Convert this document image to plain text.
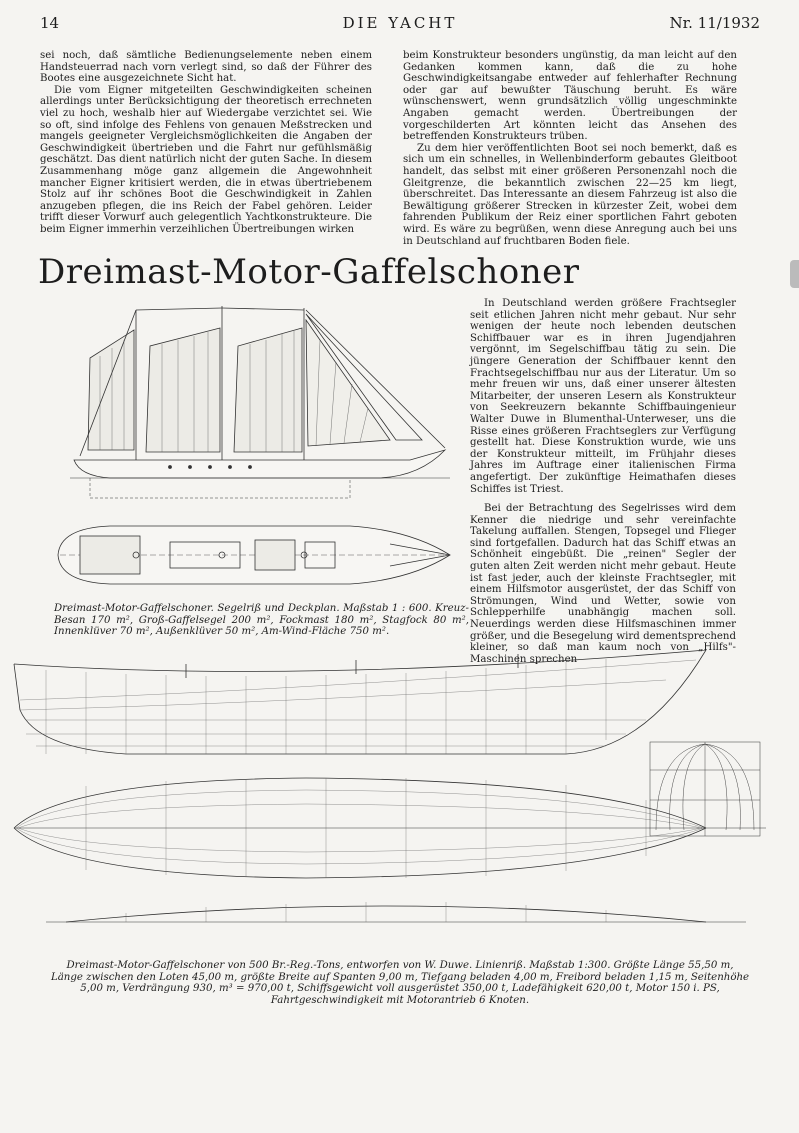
14	DIE YACHT	Nr. 11/1932

sei noch, daß sämtliche Bedienungselemente neben einem Handsteuerrad nach vorn verlegt sind, so daß der Führer des Bootes eine ausgezeichnete Sicht hat.

Die vom Eigner mitgeteilten Geschwindigkeiten scheinen allerdings unter Berücksichtigung der theoretisch errechneten viel zu hoch, weshalb hier auf Wiedergabe verzichtet sei. Wie so oft, sind infolge des Fehlens von genauen Meßstrecken und mangels geeigneter Vergleichsmöglichkeiten die Angaben der Geschwindigkeit übertrieben und die Fahrt nur gefühlsmäßig geschätzt. Das dient natürlich nicht der guten Sache. In diesem Zusammenhang möge ganz allgemein die Angewohnheit mancher Eigner kritisiert werden, die in etwas übertriebenem Stolz auf ihr schönes Boot die Geschwindigkeit in Zahlen anzugeben pflegen, die ins Reich der Fabel gehören. Leider trifft dieser Vorwurf auch gelegentlich Yachtkonstrukteure. Die beim Eigner immerhin verzeihlichen Übertreibungen wirken

beim Konstrukteur besonders ungünstig, da man leicht auf den Gedanken kommen kann, daß die zu hohe Geschwindigkeitsangabe entweder auf fehlerhafter Rechnung oder gar auf bewußter Täuschung beruht. Es wäre wünschenswert, wenn grundsätzlich völlig ungeschminkte Angaben gemacht werden. Übertreibungen der vorgeschilderten Art könnten leicht das Ansehen des betreffenden Konstrukteurs trüben.

Zu dem hier veröffentlichten Boot sei noch bemerkt, daß es sich um ein schnelles, in Wellenbinderform gebautes Gleitboot handelt, das selbst mit einer größeren Personenzahl noch die Gleitgrenze, die bekanntlich zwischen 22—25 km liegt, überschreitet. Das Interessante an diesem Fahrzeug ist also die Bewältigung größerer Strecken in kürzester Zeit, wobei dem fahrenden Publikum der Reiz einer sportlichen Fahrt geboten wird. Es wäre zu begrüßen, wenn diese Anregung auch bei uns in Deutschland auf fruchtbaren Boden fiele.

Dreimast-Motor-Gaffelschoner

In Deutschland werden größere Frachtsegler seit etlichen Jahren nicht mehr gebaut. Nur sehr wenigen der heute noch lebenden deutschen Schiffbauer war es in ihren Jugendjahren vergönnt, im Segelschiffbau tätig zu sein. Die jüngere Generation der Schiffbauer kennt den Frachtsegelschiffbau nur aus der Literatur. Um so mehr freuen wir uns, daß einer unserer ältesten Mitarbeiter, der unseren Lesern als Konstrukteur von Seekreuzern bekannte Schiffbauingenieur Walter Duwe in Blumenthal-Unterweser, uns die Risse eines größeren Frachtseglers zur Verfügung gestellt hat. Diese Konstruktion wurde, wie uns der Konstrukteur mitteilt, im Frühjahr dieses Jahres im Auftrage einer italienischen Firma angefertigt. Der zukünftige Heimathafen dieses Schiffes ist Triest.

Bei der Betrachtung des Segelrisses wird dem Kenner die niedrige und sehr vereinfachte Takelung auffallen. Stengen, Topsegel und Flieger sind fortgefallen. Dadurch hat das Schiff etwas an Schönheit eingebüßt. Die „reinen" Segler der guten alten Zeit werden nicht mehr gebaut. Heute ist fast jeder, auch der kleinste Frachtsegler, mit einem Hilfsmotor ausgerüstet, der das Schiff von Strömungen, Wind und Wetter, sowie von Schlepperhilfe unabhängig machen soll. Neuerdings werden diese Hilfsmaschinen immer größer, und die Besegelung wird dementsprechend kleiner, so daß man kaum noch von „Hilfs"-Maschinen sprechen

Dreimast-Motor-Gaffelschoner. Segelriß und Deckplan. Maßstab 1 : 600. Kreuz-Besan 170 m², Groß-Gaffelsegel 200 m², Fockmast 180 m², Stagfock 80 m², Innenklüver 70 m², Außenklüver 50 m², Am-Wind-Fläche 750 m².
Dreimast-Motor-Gaffelschoner von 500 Br.-Reg.-Tons, entworfen von W. Duwe. Linienriß. Maßstab 1:300. Größte Länge 55,50 m, Länge zwischen den Loten 45,00 m, größte Breite auf Spanten 9,00 m, Tiefgang beladen 4,00 m, Freibord beladen 1,15 m, Seitenhöhe 5,00 m, Verdrängung 930, m³ = 970,00 t, Schiffsgewicht voll ausgerüstet 350,00 t, Ladefähigkeit 620,00 t, Motor 150 i. PS, Fahrtgeschwindigkeit mit Motorantrieb 6 Knoten.
